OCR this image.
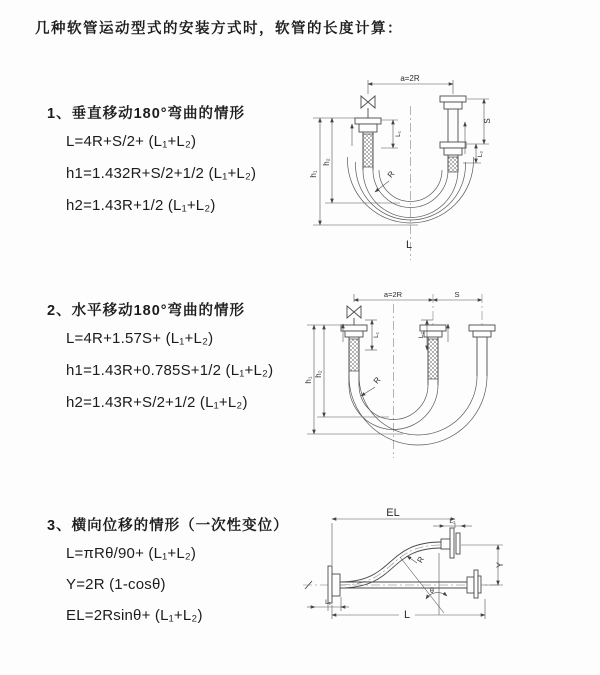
几种软管运动型式的安装方式时，软管的长度计算：
1、垂直移动180°弯曲的情形
L=4R+S/2+ (L₁+L₂)
h1=1.432R+S/2+1/2 (L₁+L₂)
h2=1.43R+1/2 (L₁+L₂)
a=2R
h₁
h₂
L₁
S
L₂
R
L
2、水平移动180°弯曲的情形
L=4R+1.57S+ (L₁+L₂)
h1=1.43R+0.785S+1/2 (L₁+L₂)
h2=1.43R+S/2+1/2 (L₁+L₂)
a=2R	S
h₁
h₂
L₁	L₂
R
3、横向位移的情形（一次性变位）
L=πRθ/90+ (L₁+L₂)
Y=2R (1-cosθ)
EL=2Rsinθ+ (L₁+L₂)
EL
L₂
Y
R
θ
L
L₁
